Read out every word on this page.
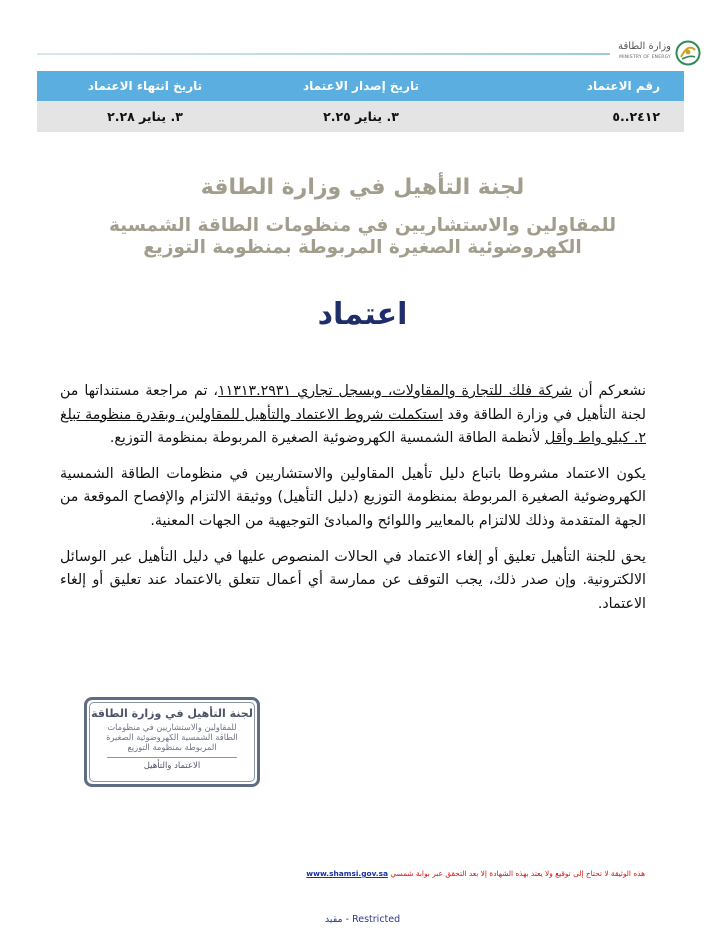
وزارة الطاقة
MINISTRY OF ENERGY
رقم الاعتماد	تاريخ إصدار الاعتماد	تاريخ انتهاء الاعتماد
٢٤١٢..٥	٣. يناير ٢.٢٥	٣. يناير ٢.٢٨
لجنة التأهيل في وزارة الطاقة
للمقاولين والاستشاريين في منظومات الطاقة الشمسية الكهروضوئية الصغيرة المربوطة بمنظومة التوزيع
اعتماد

نشعركم أن شركة فلك للتجارة والمقاولات، وبسجل تجاري ١١٣١٣.٢٩٣١، تم مراجعة مستنداتها من لجنة التأهيل في وزارة الطاقة وقد استكملت شروط الاعتماد والتأهيل للمقاولين، وبقدرة منظومة تبلغ ٢. كيلو واط وأقل لأنظمة الطاقة الشمسية الكهروضوئية الصغيرة المربوطة بمنظومة التوزيع.

يكون الاعتماد مشروطا باتباع دليل تأهيل المقاولين والاستشاريين في منظومات الطاقة الشمسية الكهروضوئية الصغيرة المربوطة بمنظومة التوزيع (دليل التأهيل) ووثيقة الالتزام والإفصاح الموقعة من الجهة المتقدمة وذلك للالتزام بالمعايير واللوائح والمبادئ التوجيهية من الجهات المعنية.

يحق للجنة التأهيل تعليق أو إلغاء الاعتماد في الحالات المنصوص عليها في دليل التأهيل عبر الوسائل الالكترونية. وإن صدر ذلك، يجب التوقف عن ممارسة أي أعمال تتعلق بالاعتماد عند تعليق أو إلغاء الاعتماد.

لجنة التأهيل في وزارة الطاقة
للمقاولين والاستشاريين في منظومات الطاقة الشمسية الكهروضوئية الصغيرة المربوطة بمنظومة التوزيع
الاعتماد والتأهيل
هذه الوثيقة لا تحتاج إلى توقيع ولا يعتد بهذه الشهادة إلا بعد التحقق عبر بوابة شمسي www.shamsi.gov.sa
مقيد - Restricted
